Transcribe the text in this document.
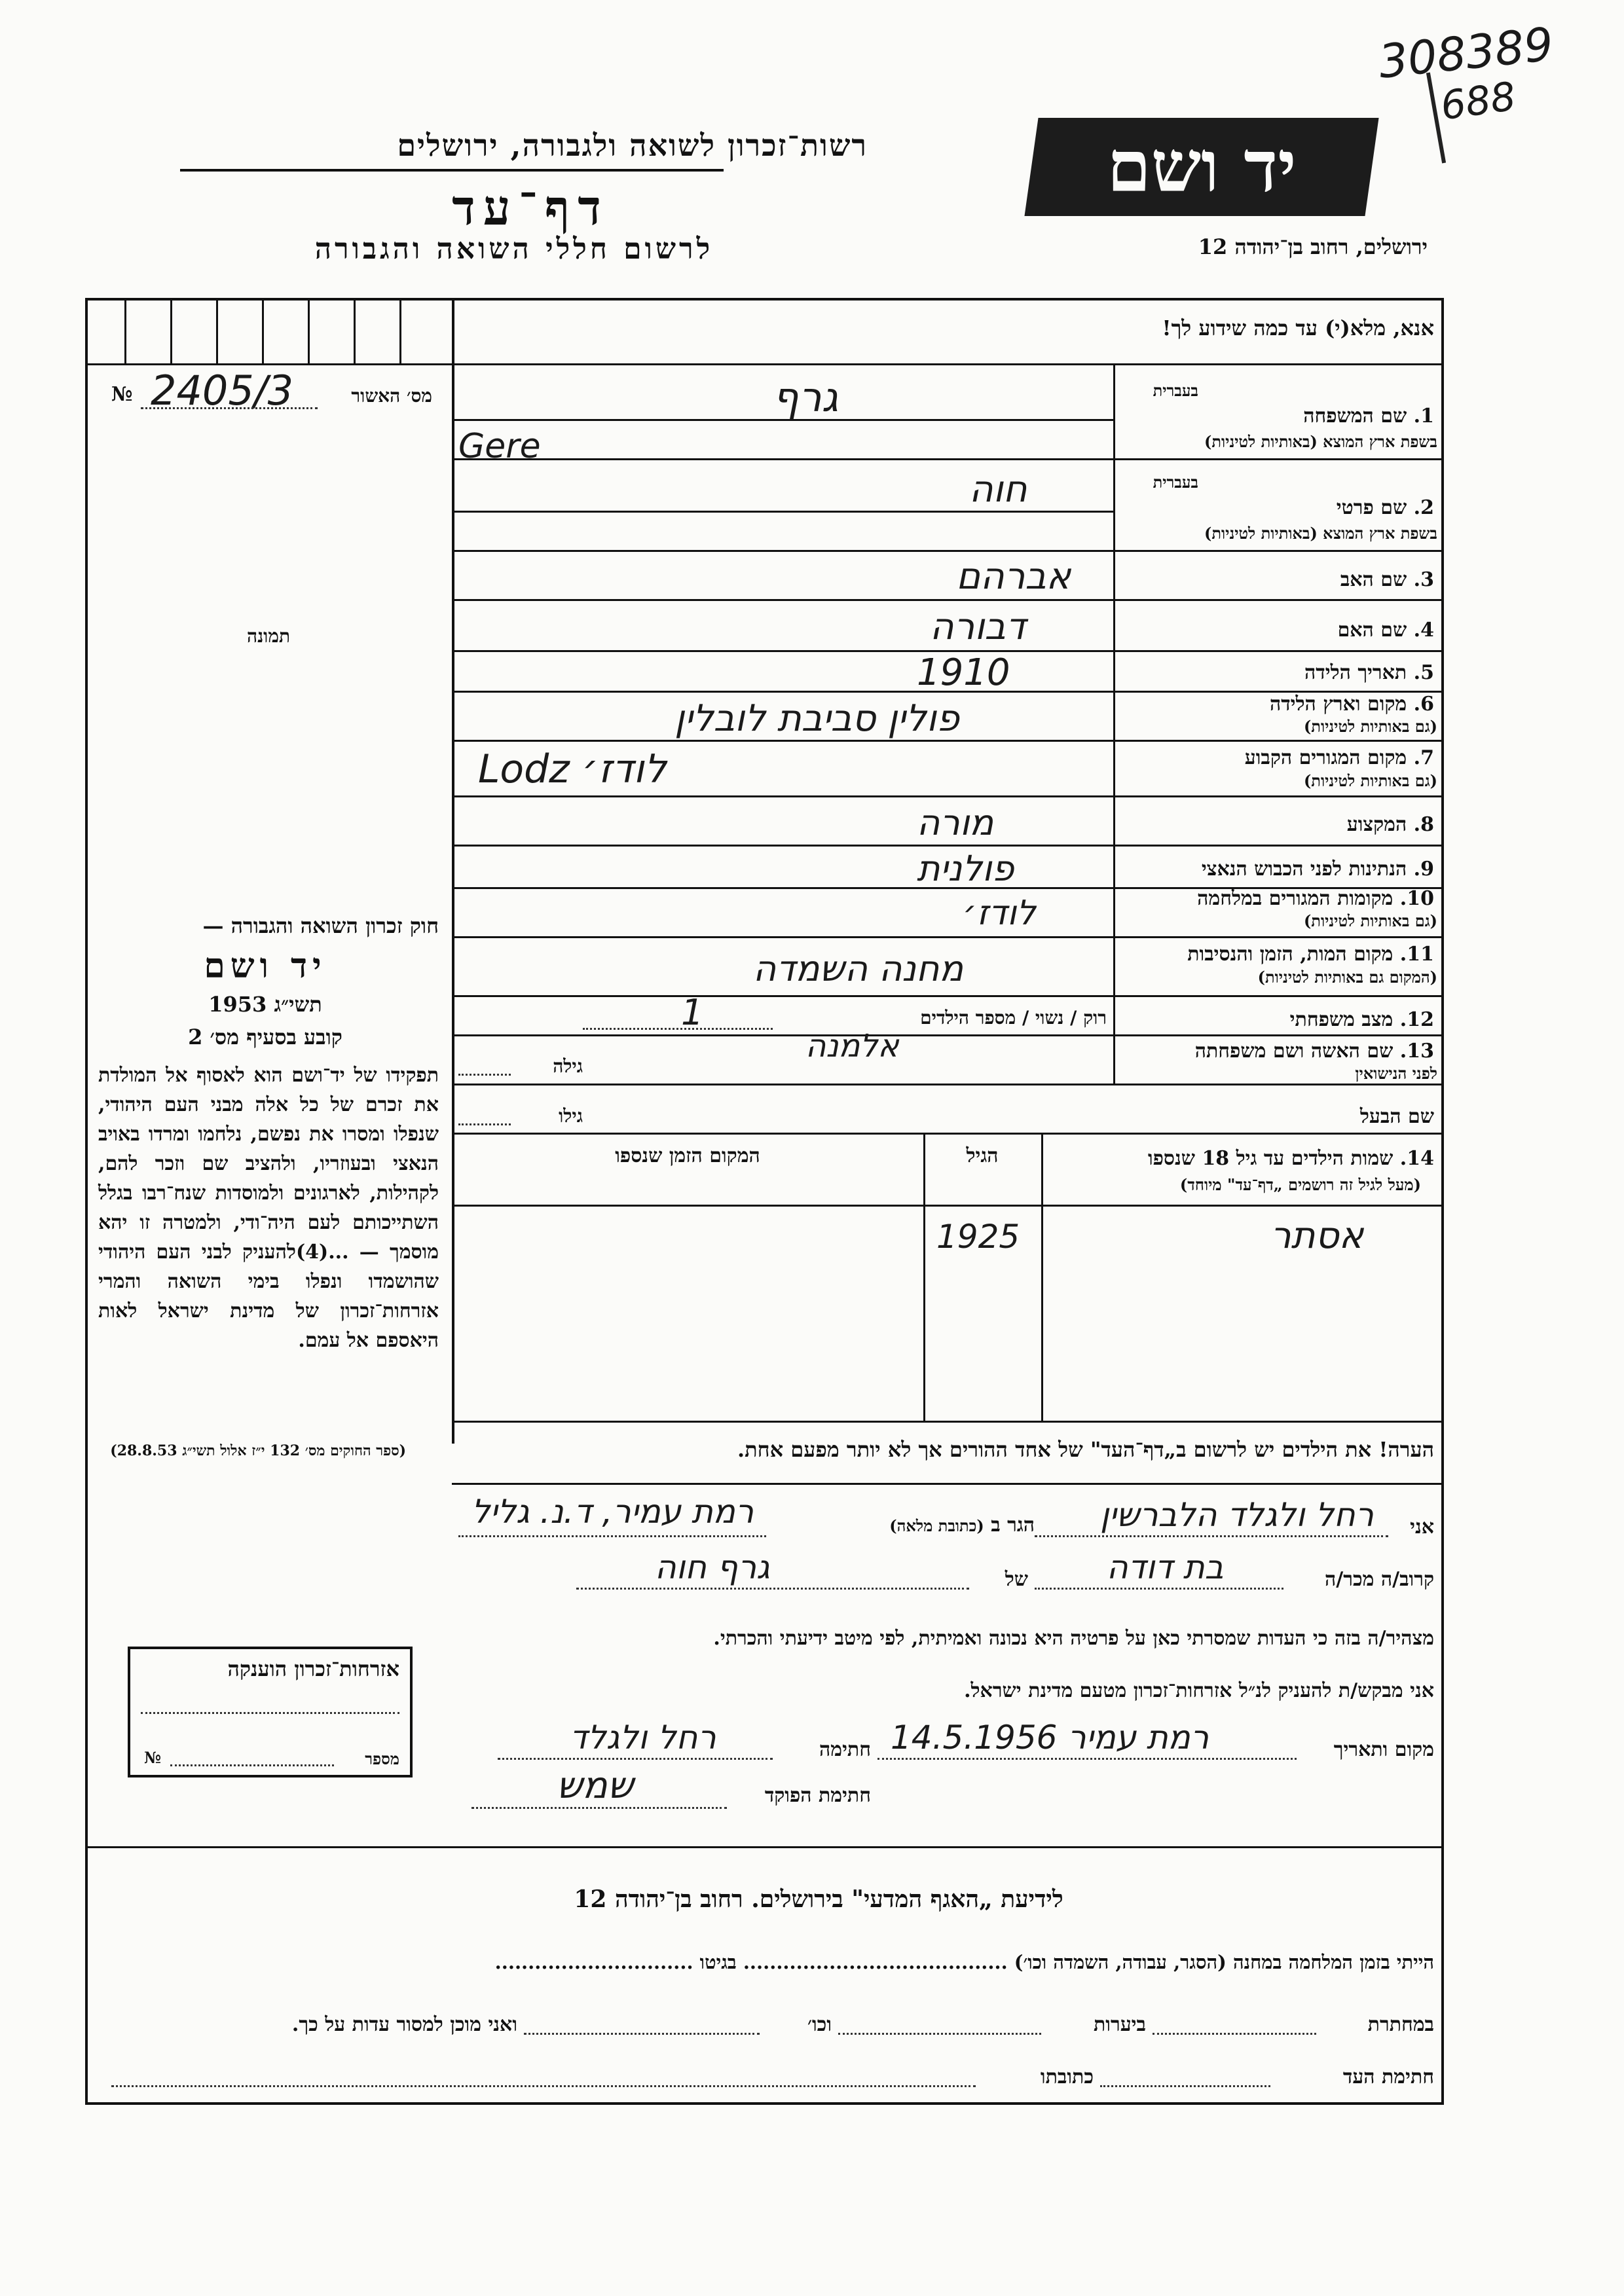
308389
688
יד ושם
ירושלים, רחוב בן־יהודה 12
רשות־זכרון לשואה ולגבורה, ירושלים
דף־עד
לרשום חללי השואה והגבורה
אנא, מלא(י) עד כמה שידוע לך!
№ 2405/3	מס׳ האשור
תמונה
בעברית
1. שם המשפחה
בשפת ארץ המוצא (באותיות לטיניות)
גרף
Gere
בעברית
2. שם פרטי
בשפת ארץ המוצא (באותיות לטיניות)
חוה
3. שם האב
אברהם
4. שם האם
דבורה
5. תאריך הלידה
1910
6. מקום וארץ הלידה
(גם באותיות לטיניות)
פולין סביבת לובלין
7. מקום המגורים הקבוע
(גם באותיות לטיניות)
Lodz לודז׳
8. המקצוע
מורה
9. הנתינות לפני הכבוש הנאצי
פולנית
10. מקומות המגורים במלחמה
(גם באותיות לטיניות)
לודז׳
11. מקום המות, הזמן והנסיבות
(המקום גם באותיות לטיניות)
מחנה השמדה
12. מצב משפחתי
רוק / נשוי / מספר הילדים
1
13. שם האשה ושם משפחתה
לפני הנישואין
גילה
אלמנה
שם הבעל
גילו
14. שמות הילדים עד גיל 18 שנספו
(מעל לגיל זה רושמים „דף־עד" מיוחד)
הגיל
המקום הזמן שנספו
אסתר
1925
הערה! את הילדים יש לרשום ב„דף־העד" של אחד ההורים אך לא יותר מפעם אחת.
חוק זכרון השואה והגבורה —
יד ושם
תשי״ג 1953
קובע בסעיף מס׳ 2
תפקידו של יד־ושם הוא לאסוף אל המולדת את זכרם של כל אלה מבני העם היהודי, שנפלו ומסרו את נפשם, נלחמו ומרדו באויב הנאצי ובעוזריו, ולהציב שם וזכר להם, לקהילות, לארגונים ולמוסדות שנח־רבו בגלל השתייכותם לעם היה־ודי, ולמטרה זו יהא מוסמך — ...(4)להעניק לבני העם היהודי שהושמדו ונפלו בימי השואה והמרי אזרחות־זכרון של מדינת ישראל לאות היאספם אל עמם.
(ספר החוקים מס׳ 132 י״ז אלול תשי״ג 28.8.53)
אזרחות־זכרון הוענקה
№	מספר
אני
רחל ולגלד הלברשין
הגר ב (כתובת מלאה)
רמת עמיר, ד.נ. גליל
קרוב/ה מכר/ה
בת דודה
של
גרף חוה
מצהיר/ה בזה כי העדות שמסרתי כאן על פרטיה היא נכונה ואמיתית, לפי מיטב ידיעתי והכרתי.
אני מבקש/ת להעניק לנ״ל אזרחות־זכרון מטעם מדינת ישראל.
מקום ותאריך
רמת עמיר 14.5.1956
חתימה
רחל ולגלד
חתימת הפוקד
שמש
לידיעת „האגף המדעי" בירושלים. רחוב בן־יהודה 12
הייתי בזמן המלחמה במחנה (הסגר, עבודה, השמדה וכו׳) ........................................ בגיטו ..............................
במחתרת
ביערות
וכו׳
ואני מוכן למסור עדות על כך.
חתימת העד
כתובתו
